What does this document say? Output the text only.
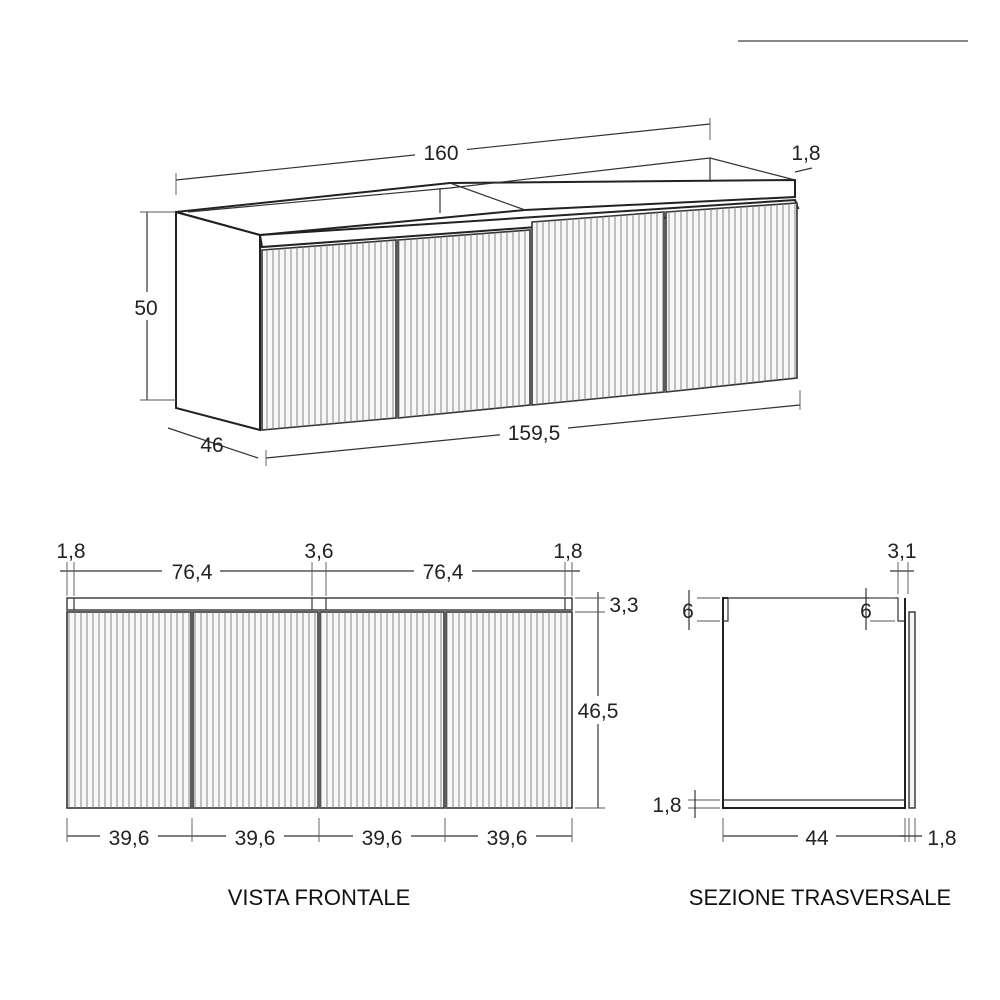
160	1,8
50
46
159,5
1,8
76,4
3,6
76,4
1,8
3,3
46,5
39,6	39,6	39,6	39,6
VISTA FRONTALE
6	6
3,1
1,8
44	1,8
SEZIONE TRASVERSALE
